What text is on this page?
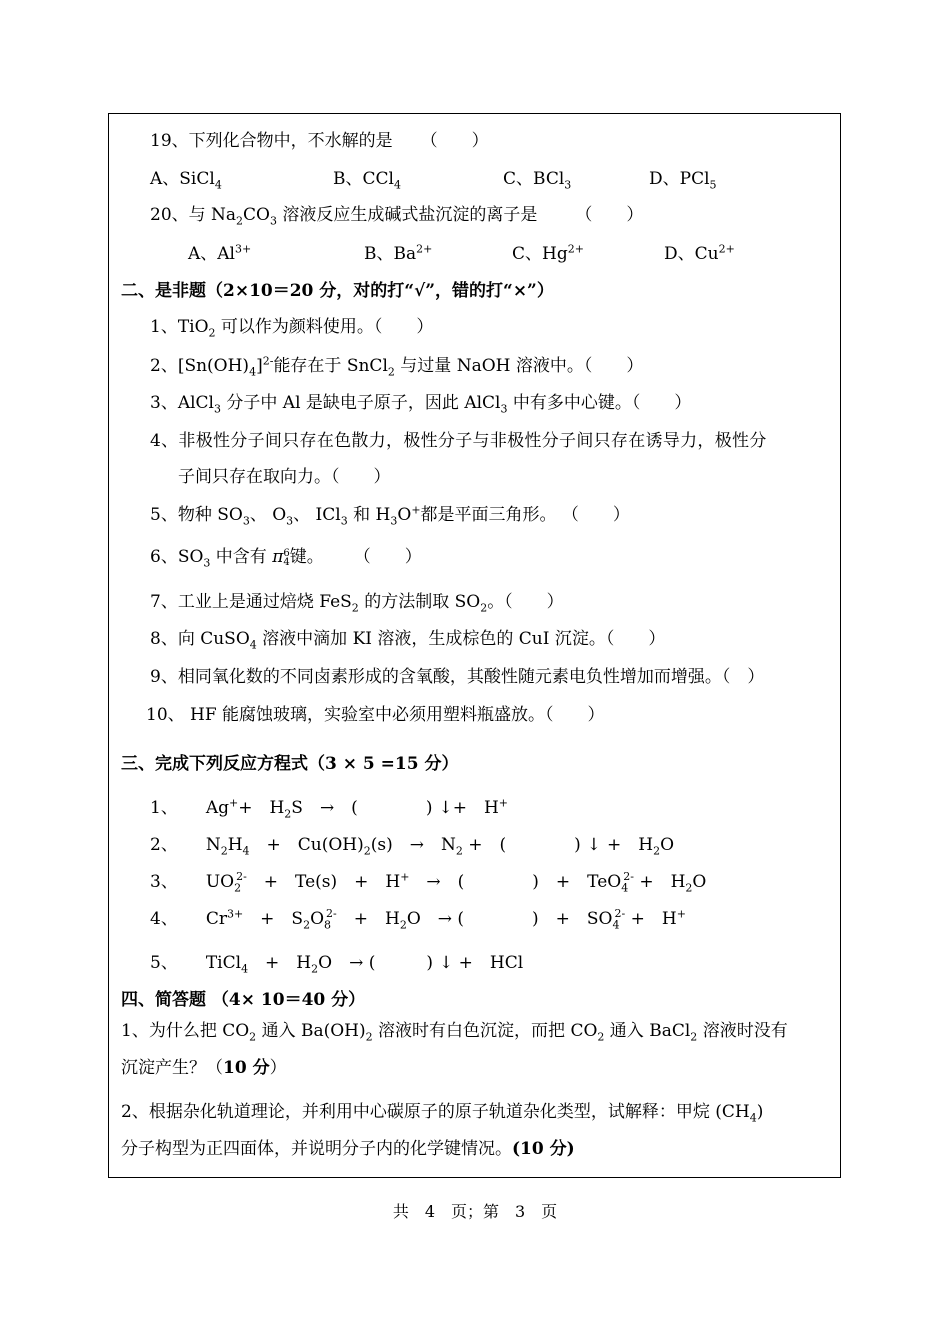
19、下列化合物中，不水解的是 （　　）
A、SiCl$_4$	B、CCl$_4$	C、BCl$_3$	D、PCl$_5$
20、与 $Na_2CO_3$ 溶液反应生成碱式盐沉淀的离子是 （　　）
A、$Al^{3+}$	B、$Ba^{2+}$	C、$Hg^{2+}$	D、$Cu^{2+}$
二、是非题（2×10＝20 分，对的打“√”，错的打“×”）
1、TiO$_2$ 可以作为颜料使用。（　　）
2、$[Sn(OH)_4]^{2-}$能存在于 SnCl$_2$ 与过量 NaOH 溶液中。（　　）
3、AlCl$_3$ 分子中 Al 是缺电子原子，因此 AlCl$_3$ 中有多中心键。（　　）
4、非极性分子间只存在色散力，极性分子与非极性分子间只存在诱导力，极性分
子间只存在取向力。（　　）
5、物种 $SO_3$、 $O_3$、 ICl$_3$ 和 $H_3O^+$都是平面三角形。 （　　）
6、$SO_3$ 中含有 π 6
4 键。 （　　）
7、工业上是通过焙烧 FeS$_2$ 的方法制取 $SO_2$。（　　）
8、向 CuSO$_4$ 溶液中滴加 KI 溶液，生成棕色的 CuI 沉淀。（　　）
9、相同氧化数的不同卤素形成的含氧酸，其酸性随元素电负性增加而增强。（　）
10、 HF 能腐蚀玻璃，实验室中必须用塑料瓶盛放。（　　）
三、完成下列反应方程式（3 × 5 =15 分）
1、 Ag++　$H_2S$　→　(　　　　) ↓+　H+
2、 $N_2H_4$　+　$Cu(OH)_2(s)$　→　$N_2$ +　(　　　　) ↓ +　$H_2O$
3、 $UO_2^{2-}$　+　Te(s)　+　H+　→　(　　　　)　+　TeO$_4^{2-}$ +　$H_2O$
4、 $Cr^{3+}$　+　$S_2O_8^{2-}$　+　$H_2O$　→ (　　　　)　+　$SO_4^{2-}$ +　H+
5、 TiCl$_4$　+　$H_2O$　→ (　　　) ↓ +　HCl
四、简答题 （4× 10＝40 分）
1、为什么把 $CO_2$ 通入 $Ba(OH)_2$ 溶液时有白色沉淀，而把 $CO_2$ 通入 BaCl$_2$ 溶液时没有
沉淀产生？（10 分）
2、根据杂化轨道理论，并利用中心碳原子的原子轨道杂化类型，试解释：甲烷 $(CH_4)$
分子构型为正四面体，并说明分子内的化学键情况。(10 分)
共　4　页；第　3　页
